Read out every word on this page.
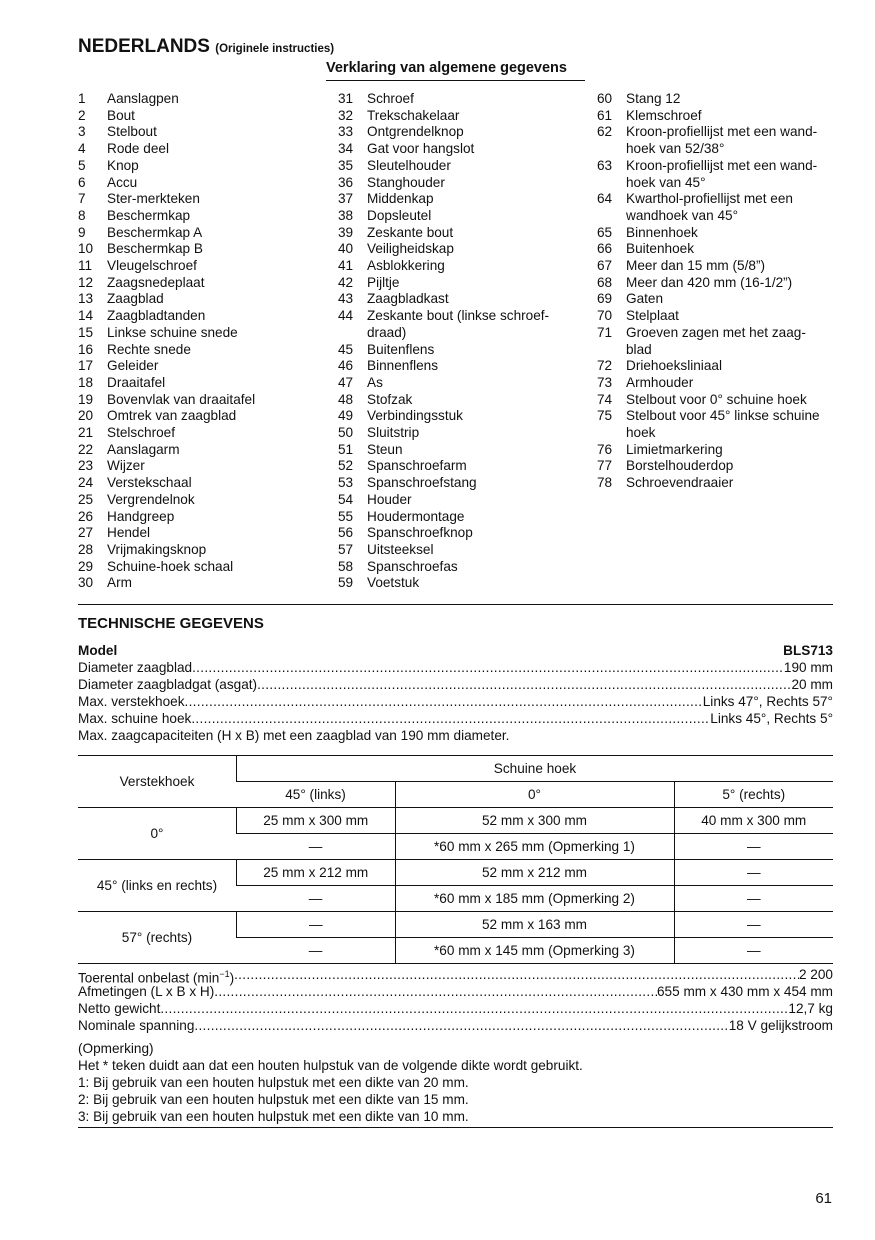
NEDERLANDS (Originele instructies)
Verklaring van algemene gegevens
1	Aanslagpen
2	Bout
3	Stelbout
4	Rode deel
5	Knop
6	Accu
7	Ster-merkteken
8	Beschermkap
9	Beschermkap A
10	Beschermkap B
11	Vleugelschroef
12	Zaagsnedeplaat
13	Zaagblad
14	Zaagbladtanden
15	Linkse schuine snede
16	Rechte snede
17	Geleider
18	Draaitafel
19	Bovenvlak van draaitafel
20	Omtrek van zaagblad
21	Stelschroef
22	Aanslagarm
23	Wijzer
24	Verstekschaal
25	Vergrendelnok
26	Handgreep
27	Hendel
28	Vrijmakingsknop
29	Schuine-hoek schaal
30	Arm
31	Schroef
32	Trekschakelaar
33	Ontgrendelknop
34	Gat voor hangslot
35	Sleutelhouder
36	Stanghouder
37	Middenkap
38	Dopsleutel
39	Zeskante bout
40	Veiligheidskap
41	Asblokkering
42	Pijltje
43	Zaagbladkast
44	Zeskante bout (linkse schroef-
draad)
45	Buitenflens
46	Binnenflens
47	As
48	Stofzak
49	Verbindingsstuk
50	Sluitstrip
51	Steun
52	Spanschroefarm
53	Spanschroefstang
54	Houder
55	Houdermontage
56	Spanschroefknop
57	Uitsteeksel
58	Spanschroefas
59	Voetstuk
60	Stang 12
61	Klemschroef
62	Kroon-profiellijst met een wand-
hoek van 52/38°
63	Kroon-profiellijst met een wand-
hoek van 45°
64	Kwarthol-profiellijst met een
wandhoek van 45°
65	Binnenhoek
66	Buitenhoek
67	Meer dan 15 mm (5/8”)
68	Meer dan 420 mm (16-1/2”)
69	Gaten
70	Stelplaat
71	Groeven zagen met het zaag-
blad
72	Driehoeksliniaal
73	Armhouder
74	Stelbout voor 0° schuine hoek
75	Stelbout voor 45° linkse schuine
hoek
76	Limietmarkering
77	Borstelhouderdop
78	Schroevendraaier
TECHNISCHE GEGEVENS
Model	BLS713
Diameter zaagblad .....	190 mm
Diameter zaagbladgat (asgat) .....	20 mm
Max. verstekhoek .....	Links 47°, Rechts 57°
Max. schuine hoek .....	Links 45°, Rechts 5°
Max. zaagcapaciteiten (H x B) met een zaagblad van 190 mm diameter.
Verstekhoek	Schuine hoek		
	45° (links)	0°	5° (rechts)
0°	25 mm x 300 mm	52 mm x 300 mm	40 mm x 300 mm
	—	*60 mm x 265 mm (Opmerking 1)	—
45° (links en rechts)	25 mm x 212 mm	52 mm x 212 mm	—
	—	*60 mm x 185 mm (Opmerking 2)	—
57° (rechts)	—	52 mm x 163 mm	—
	—	*60 mm x 145 mm (Opmerking 3)	—
Toerental onbelast $(\min^{-1})$ .....	2 200
Afmetingen (L x B x H) .....	655 mm x 430 mm x 454 mm
Netto gewicht .....	12,7 kg
Nominale spanning .....	18 V gelijkstroom
(Opmerking)
Het * teken duidt aan dat een houten hulpstuk van de volgende dikte wordt gebruikt.
1: Bij gebruik van een houten hulpstuk met een dikte van 20 mm.
2: Bij gebruik van een houten hulpstuk met een dikte van 15 mm.
3: Bij gebruik van een houten hulpstuk met een dikte van 10 mm.
61
